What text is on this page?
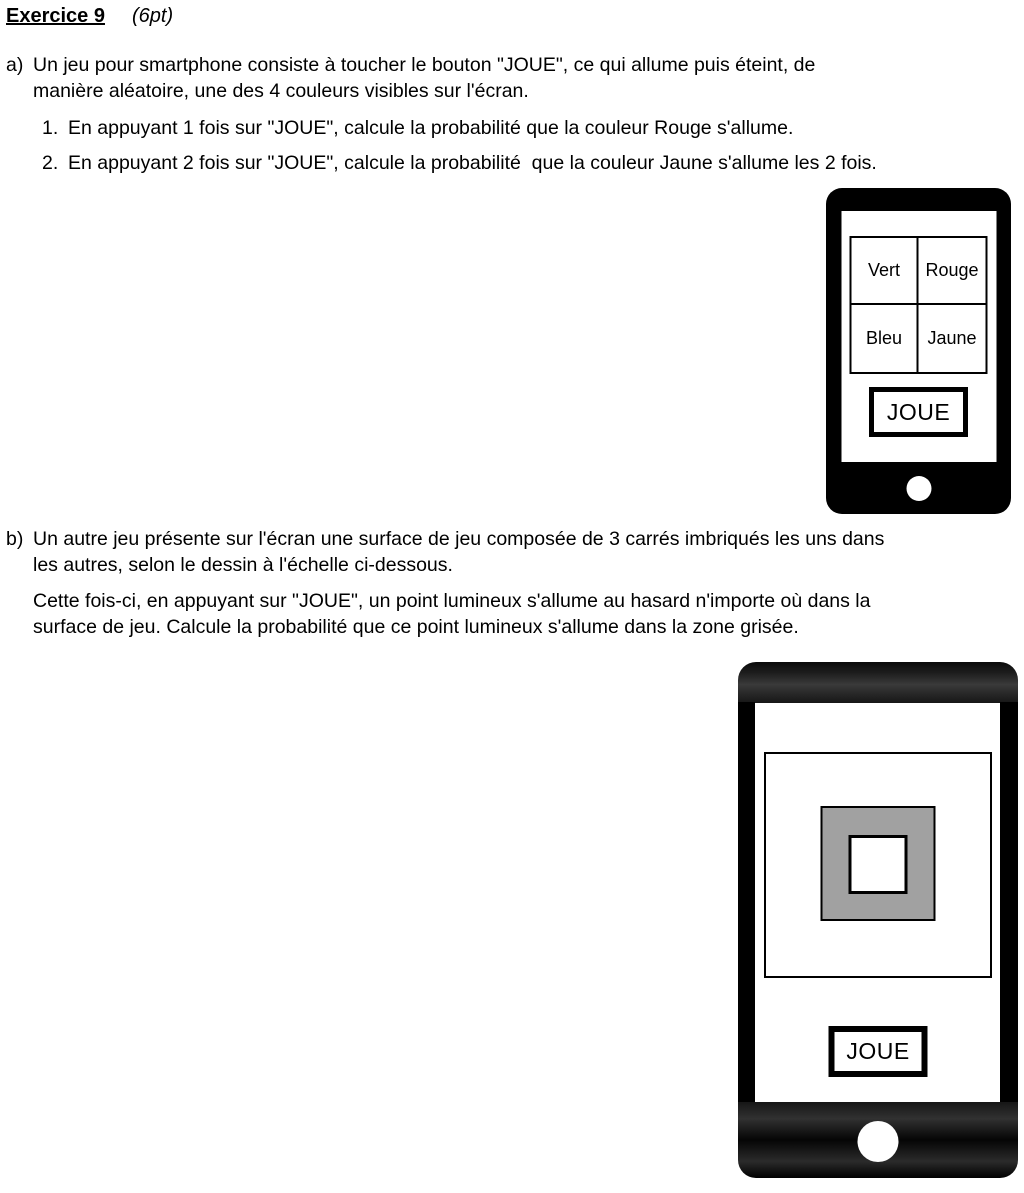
Exercice 9 (6pt)
a) Un jeu pour smartphone consiste à toucher le bouton "JOUE", ce qui allume puis éteint, de
manière aléatoire, une des 4 couleurs visibles sur l'écran.
1. En appuyant 1 fois sur "JOUE", calcule la probabilité que la couleur Rouge s'allume.
2. En appuyant 2 fois sur "JOUE", calcule la probabilité  que la couleur Jaune s'allume les 2 fois.
Vert	Rouge
Bleu	Jaune
JOUE
b) Un autre jeu présente sur l'écran une surface de jeu composée de 3 carrés imbriqués les uns dans
les autres, selon le dessin à l'échelle ci-dessous.
Cette fois-ci, en appuyant sur "JOUE", un point lumineux s'allume au hasard n'importe où dans la
surface de jeu. Calcule la probabilité que ce point lumineux s'allume dans la zone grisée.
JOUE
